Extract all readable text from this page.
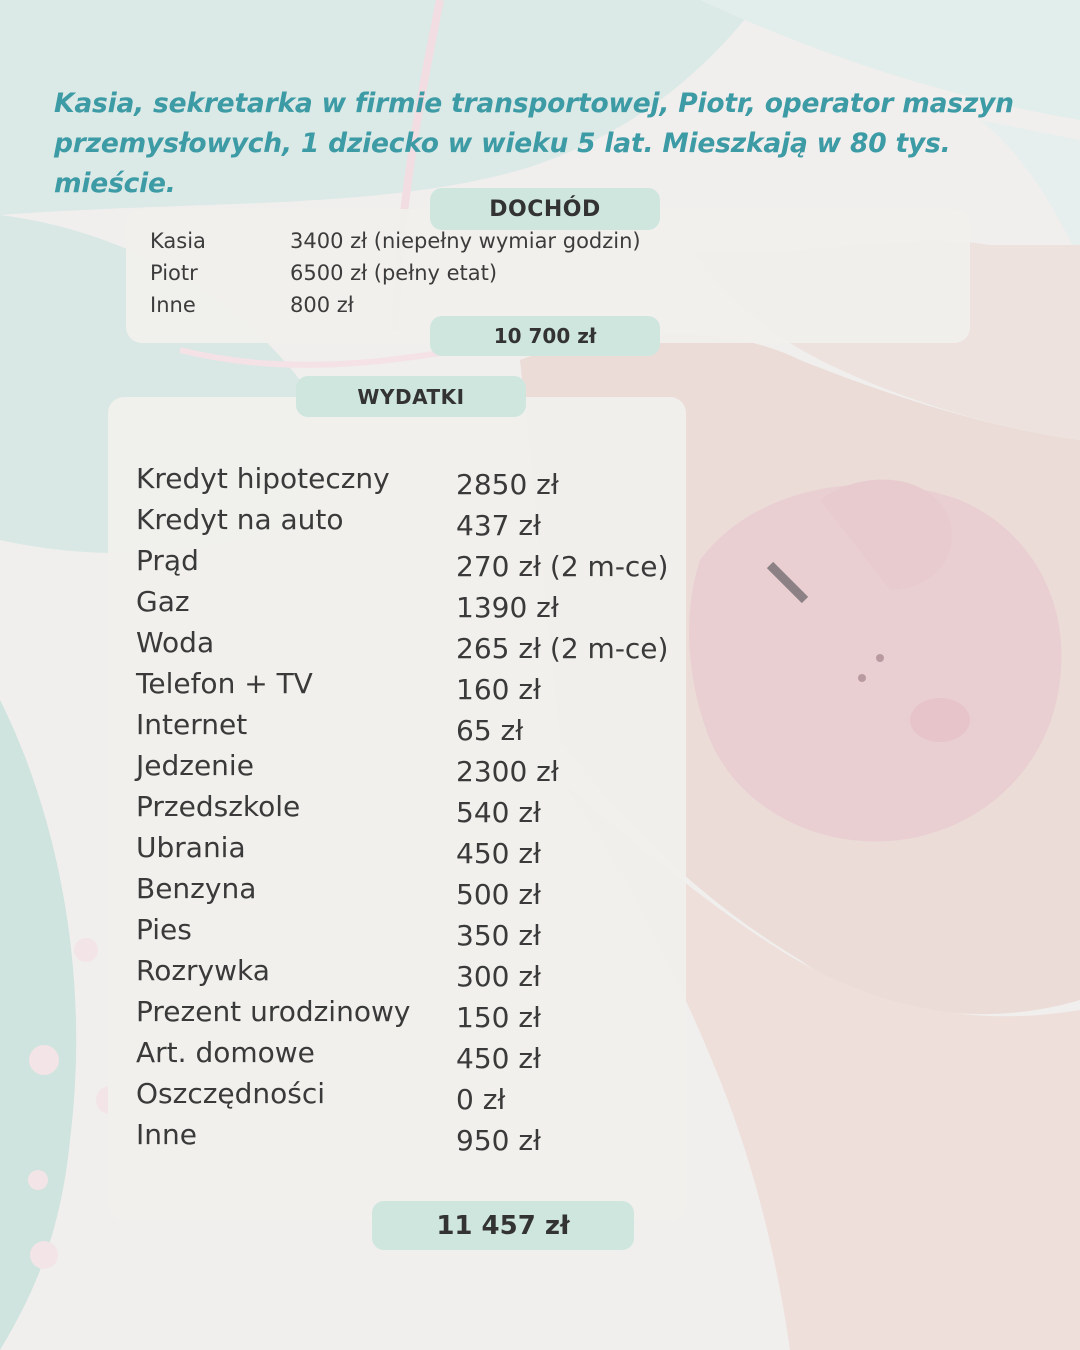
Kasia, sekretarka w firmie transportowej, Piotr, operator maszyn przemysłowych, 1 dziecko w wieku 5 lat. Mieszkają w 80 tys. mieście.
DOCHÓD
Kasia	3400 zł (niepełny wymiar godzin)
Piotr	6500 zł (pełny etat)
Inne	800 zł
10 700 zł
WYDATKI
Kredyt hipoteczny 2850 zł
Kredyt na auto	437 zł
Prąd	270 zł (2 m-ce)
Gaz	1390 zł
Woda	265 zł (2 m-ce)
Telefon + TV	160 zł
Internet	65 zł
Jedzenie	2300 zł
Przedszkole	540 zł
Ubrania	450 zł
Benzyna	500 zł
Pies	350 zł
Rozrywka	300 zł
Prezent urodzinowy 150 zł
Art. domowe	450 zł
Oszczędności	0 zł
Inne	950 zł
11 457 zł
